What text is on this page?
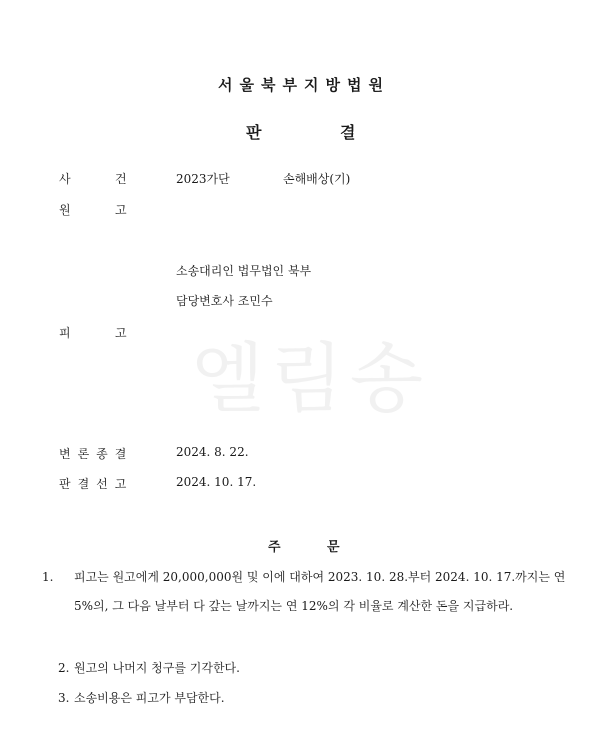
서울북부지방법원
판	결
엘림송
사	건	2023가단	손해배상(기)
원	고
소송대리인 법무법인 북부
담당변호사 조민수
피	고
변론종결	2024. 8. 22.
판결선고	2024. 10. 17.
주	문
1. 피고는 원고에게 20,000,000원 및 이에 대하여 2023. 10. 28.부터 2024. 10. 17.까지는 연 5%의, 그 다음 날부터 다 갚는 날까지는 연 12%의 각 비율로 계산한 돈을 지급하라.
2. 원고의 나머지 청구를 기각한다.
3. 소송비용은 피고가 부담한다.
